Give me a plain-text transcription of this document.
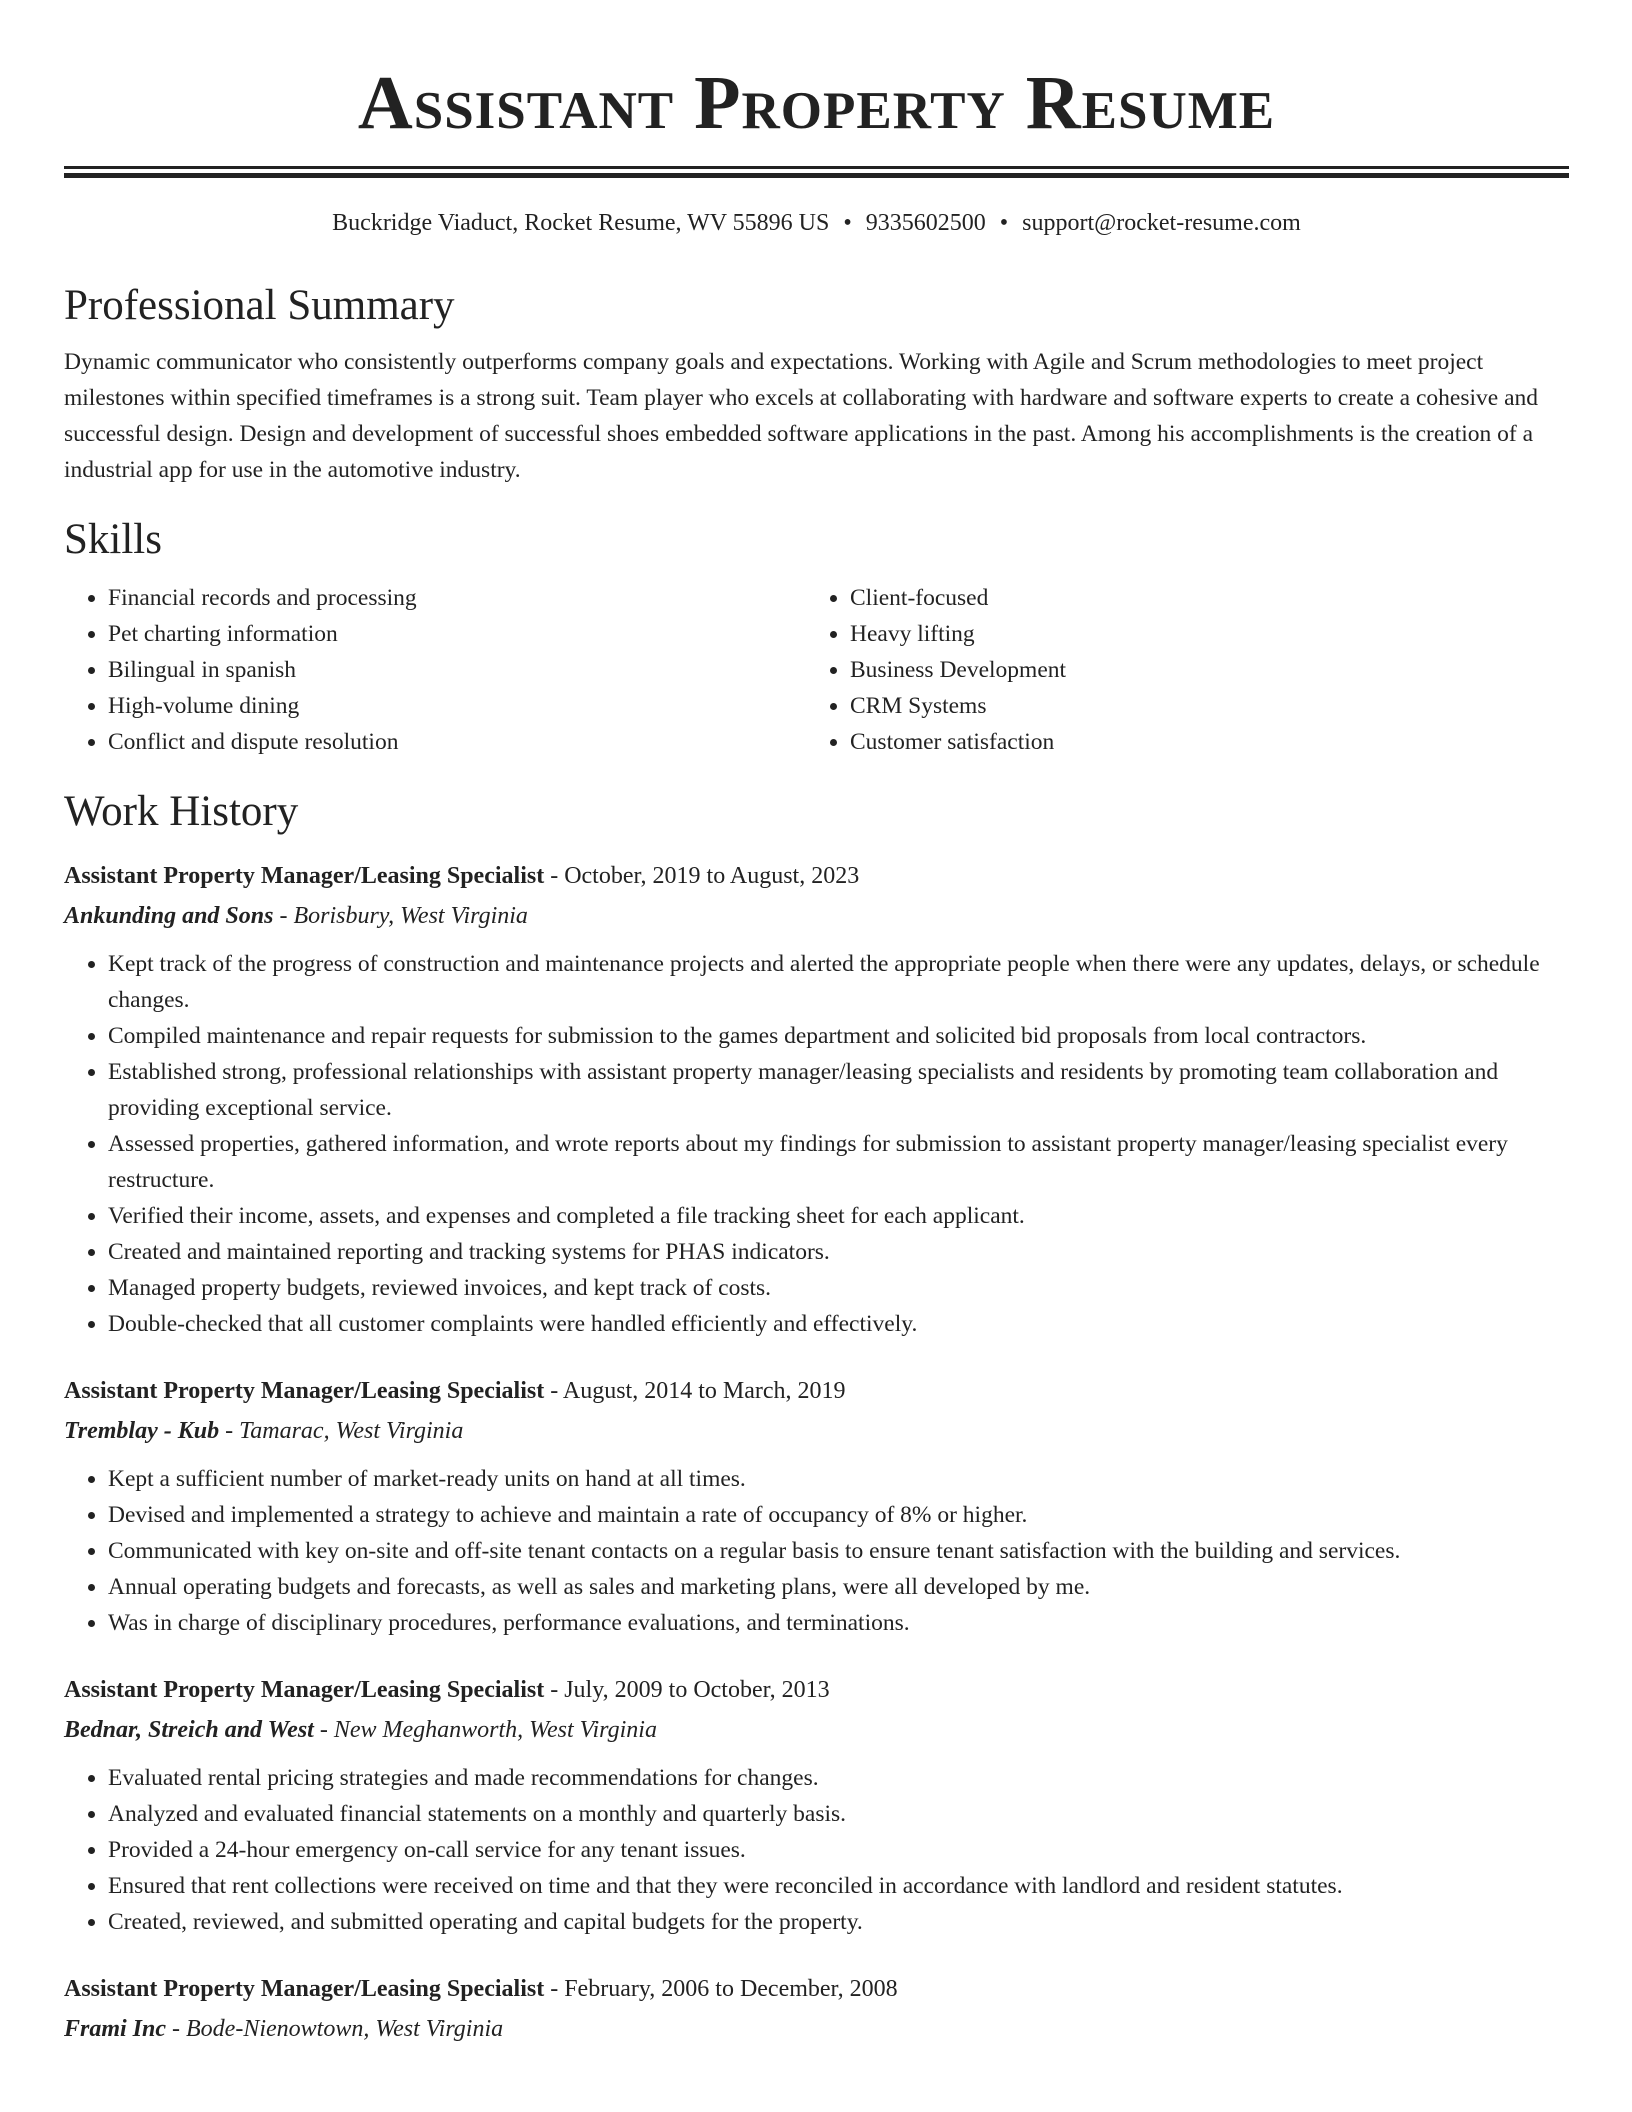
Assistant Property Resume
Buckridge Viaduct, Rocket Resume, WV 55896 US • 9335602500 • support@rocket-resume.com
Professional Summary

Dynamic communicator who consistently outperforms company goals and expectations. Working with Agile and Scrum methodologies to meet project milestones within specified timeframes is a strong suit. Team player who excels at collaborating with hardware and software experts to create a cohesive and successful design. Design and development of successful shoes embedded software applications in the past. Among his accomplishments is the creation of a industrial app for use in the automotive industry.

Skills
• Financial records and processing
• Pet charting information
• Bilingual in spanish
• High-volume dining
• Conflict and dispute resolution
• Client-focused
• Heavy lifting
• Business Development
• CRM Systems
• Customer satisfaction
Work History

Assistant Property Manager/Leasing Specialist - October, 2019 to August, 2023

Ankunding and Sons - Borisbury, West Virginia

• Kept track of the progress of construction and maintenance projects and alerted the appropriate people when there were any updates, delays, or schedule changes.
• Compiled maintenance and repair requests for submission to the games department and solicited bid proposals from local contractors.
• Established strong, professional relationships with assistant property manager/leasing specialists and residents by promoting team collaboration and providing exceptional service.
• Assessed properties, gathered information, and wrote reports about my findings for submission to assistant property manager/leasing specialist every restructure.
• Verified their income, assets, and expenses and completed a file tracking sheet for each applicant.
• Created and maintained reporting and tracking systems for PHAS indicators.
• Managed property budgets, reviewed invoices, and kept track of costs.
• Double-checked that all customer complaints were handled efficiently and effectively.

Assistant Property Manager/Leasing Specialist - August, 2014 to March, 2019

Tremblay - Kub - Tamarac, West Virginia

• Kept a sufficient number of market-ready units on hand at all times.
• Devised and implemented a strategy to achieve and maintain a rate of occupancy of 8% or higher.
• Communicated with key on-site and off-site tenant contacts on a regular basis to ensure tenant satisfaction with the building and services.
• Annual operating budgets and forecasts, as well as sales and marketing plans, were all developed by me.
• Was in charge of disciplinary procedures, performance evaluations, and terminations.

Assistant Property Manager/Leasing Specialist - July, 2009 to October, 2013

Bednar, Streich and West - New Meghanworth, West Virginia

• Evaluated rental pricing strategies and made recommendations for changes.
• Analyzed and evaluated financial statements on a monthly and quarterly basis.
• Provided a 24-hour emergency on-call service for any tenant issues.
• Ensured that rent collections were received on time and that they were reconciled in accordance with landlord and resident statutes.
• Created, reviewed, and submitted operating and capital budgets for the property.

Assistant Property Manager/Leasing Specialist - February, 2006 to December, 2008

Frami Inc - Bode-Nienowtown, West Virginia
